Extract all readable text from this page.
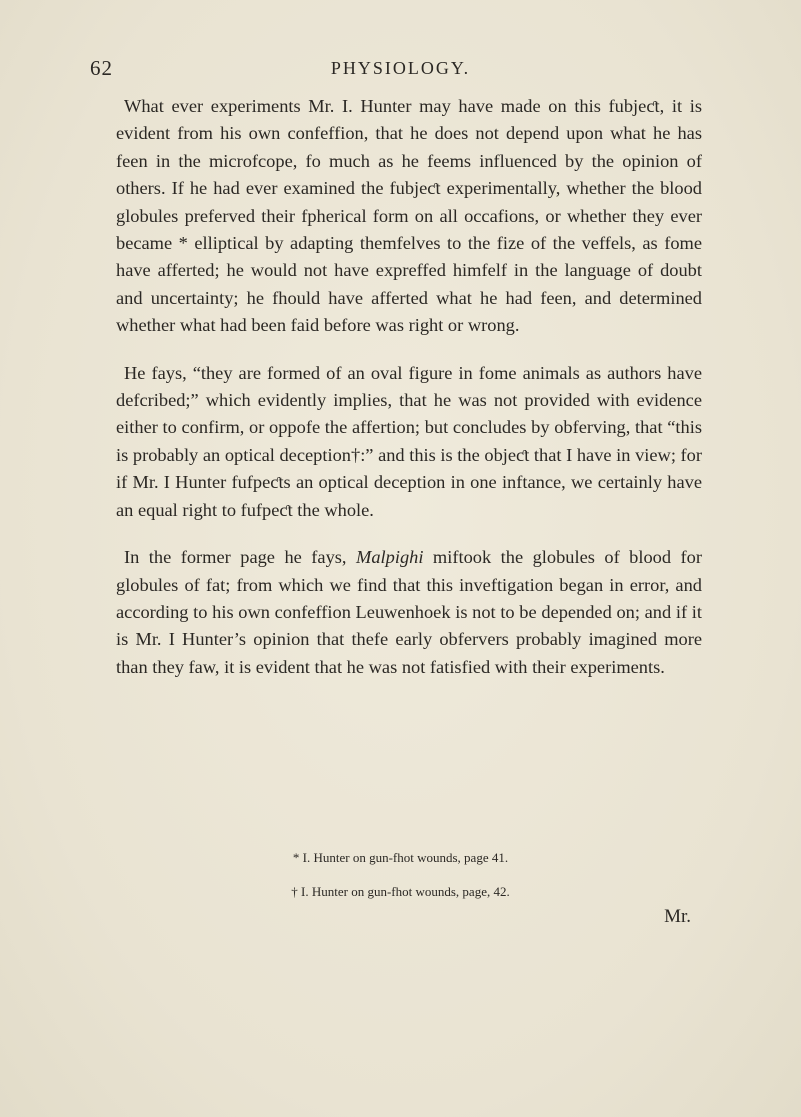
62	PHYSIOLOGY.

What ever experiments Mr. I. Hunter may have made on this fubjeƈt, it is evident from his own confeffion, that he does not depend upon what he has feen in the microfcope, fo much as he feems influenced by the opinion of others. If he had ever examined the fubjeƈt experimentally, whether the blood globules preferved their fpherical form on all occafions, or whether they ever became * elliptical by adapting themfelves to the fize of the veffels, as fome have afferted; he would not have expreffed himfelf in the language of doubt and uncertainty; he fhould have afferted what he had feen, and determined whether what had been faid before was right or wrong.

He fays, “they are formed of an oval figure in fome animals as authors have defcribed;” which evidently implies, that he was not provided with evidence either to confirm, or oppofe the affertion; but concludes by obferving, that “this is probably an optical deception†:” and this is the objeƈt that I have in view; for if Mr. I Hunter fufpeƈts an optical deception in one inftance, we certainly have an equal right to fufpeƈt the whole.

In the former page he fays, Malpighi miftook the globules of blood for globules of fat; from which we find that this inveftigation began in error, and according to his own confeffion Leuwenhoek is not to be depended on; and if it is Mr. I Hunter’s opinion that thefe early obfervers probably imagined more than they faw, it is evident that he was not fatisfied with their experiments.

* I. Hunter on gun-fhot wounds, page 41.

† I. Hunter on gun-fhot wounds, page, 42.

Mr.
